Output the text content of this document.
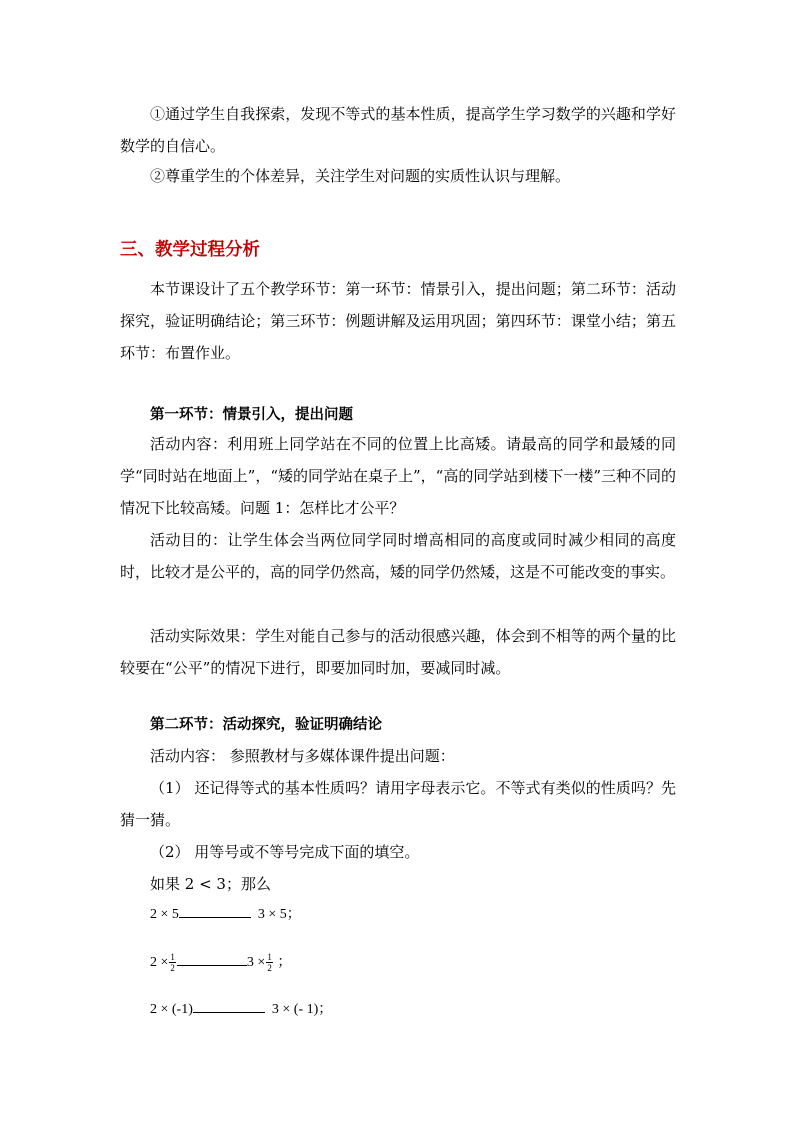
①通过学生自我探索，发现不等式的基本性质，提高学生学习数学的兴趣和学好数学的自信心。

②尊重学生的个体差异，关注学生对问题的实质性认识与理解。

三、教学过程分析

本节课设计了五个教学环节：第一环节：情景引入，提出问题；第二环节：活动探究，验证明确结论；第三环节：例题讲解及运用巩固；第四环节：课堂小结；第五环节：布置作业。

第一环节：情景引入，提出问题

活动内容：利用班上同学站在不同的位置上比高矮。请最高的同学和最矮的同学“同时站在地面上”，“矮的同学站在桌子上”，“高的同学站到楼下一楼”三种不同的情况下比较高矮。问题 1：怎样比才公平？

活动目的：让学生体会当两位同学同时增高相同的高度或同时减少相同的高度时，比较才是公平的，高的同学仍然高，矮的同学仍然矮，这是不可能改变的事实。

活动实际效果：学生对能自己参与的活动很感兴趣，体会到不相等的两个量的比较要在“公平”的情况下进行，即要加同时加，要减同时减。

第二环节：活动探究，验证明确结论

活动内容： 参照教材与多媒体课件提出问题：

（1） 还记得等式的基本性质吗？请用字母表示它。不等式有类似的性质吗？先猜一猜。

（2） 用等号或不等号完成下面的填空。

如果 2 < 3；那么

2 × 5	3 × 5；
$2 \times \frac{1}{2}$	$3 \times \frac{1}{2}$ ；
2 × (-1)	3 × (- 1)；
